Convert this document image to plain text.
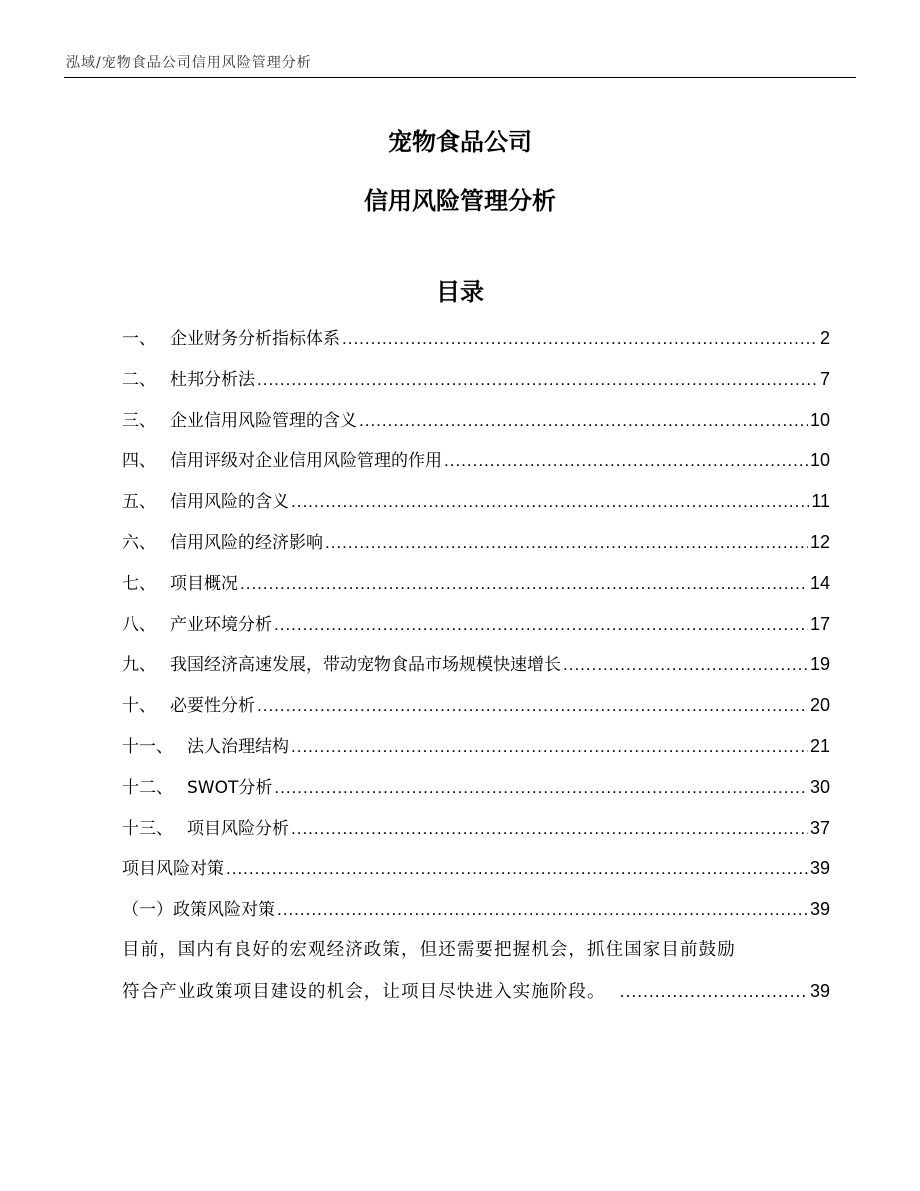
泓域/宠物食品公司信用风险管理分析
宠物食品公司
信用风险管理分析
目录
一、 企业财务分析指标体系 .....	2
二、 杜邦分析法 .....	7
三、 企业信用风险管理的含义 .....	10
四、 信用评级对企业信用风险管理的作用 .....	10
五、 信用风险的含义 .....	11
六、 信用风险的经济影响 .....	12
七、 项目概况 .....	14
八、 产业环境分析 .....	17
九、 我国经济高速发展，带动宠物食品市场规模快速增长 .....	19
十、 必要性分析 .....	20
十一、 法人治理结构 .....	21
十二、 SWOT分析 .....	30
十三、 项目风险分析 .....	37
项目风险对策 .....	39
（一）政策风险对策 .....	39
目前，国内有良好的宏观经济政策，但还需要把握机会，抓住国家目前鼓励
符合产业政策项目建设的机会，让项目尽快进入实施阶段。 .....	39
